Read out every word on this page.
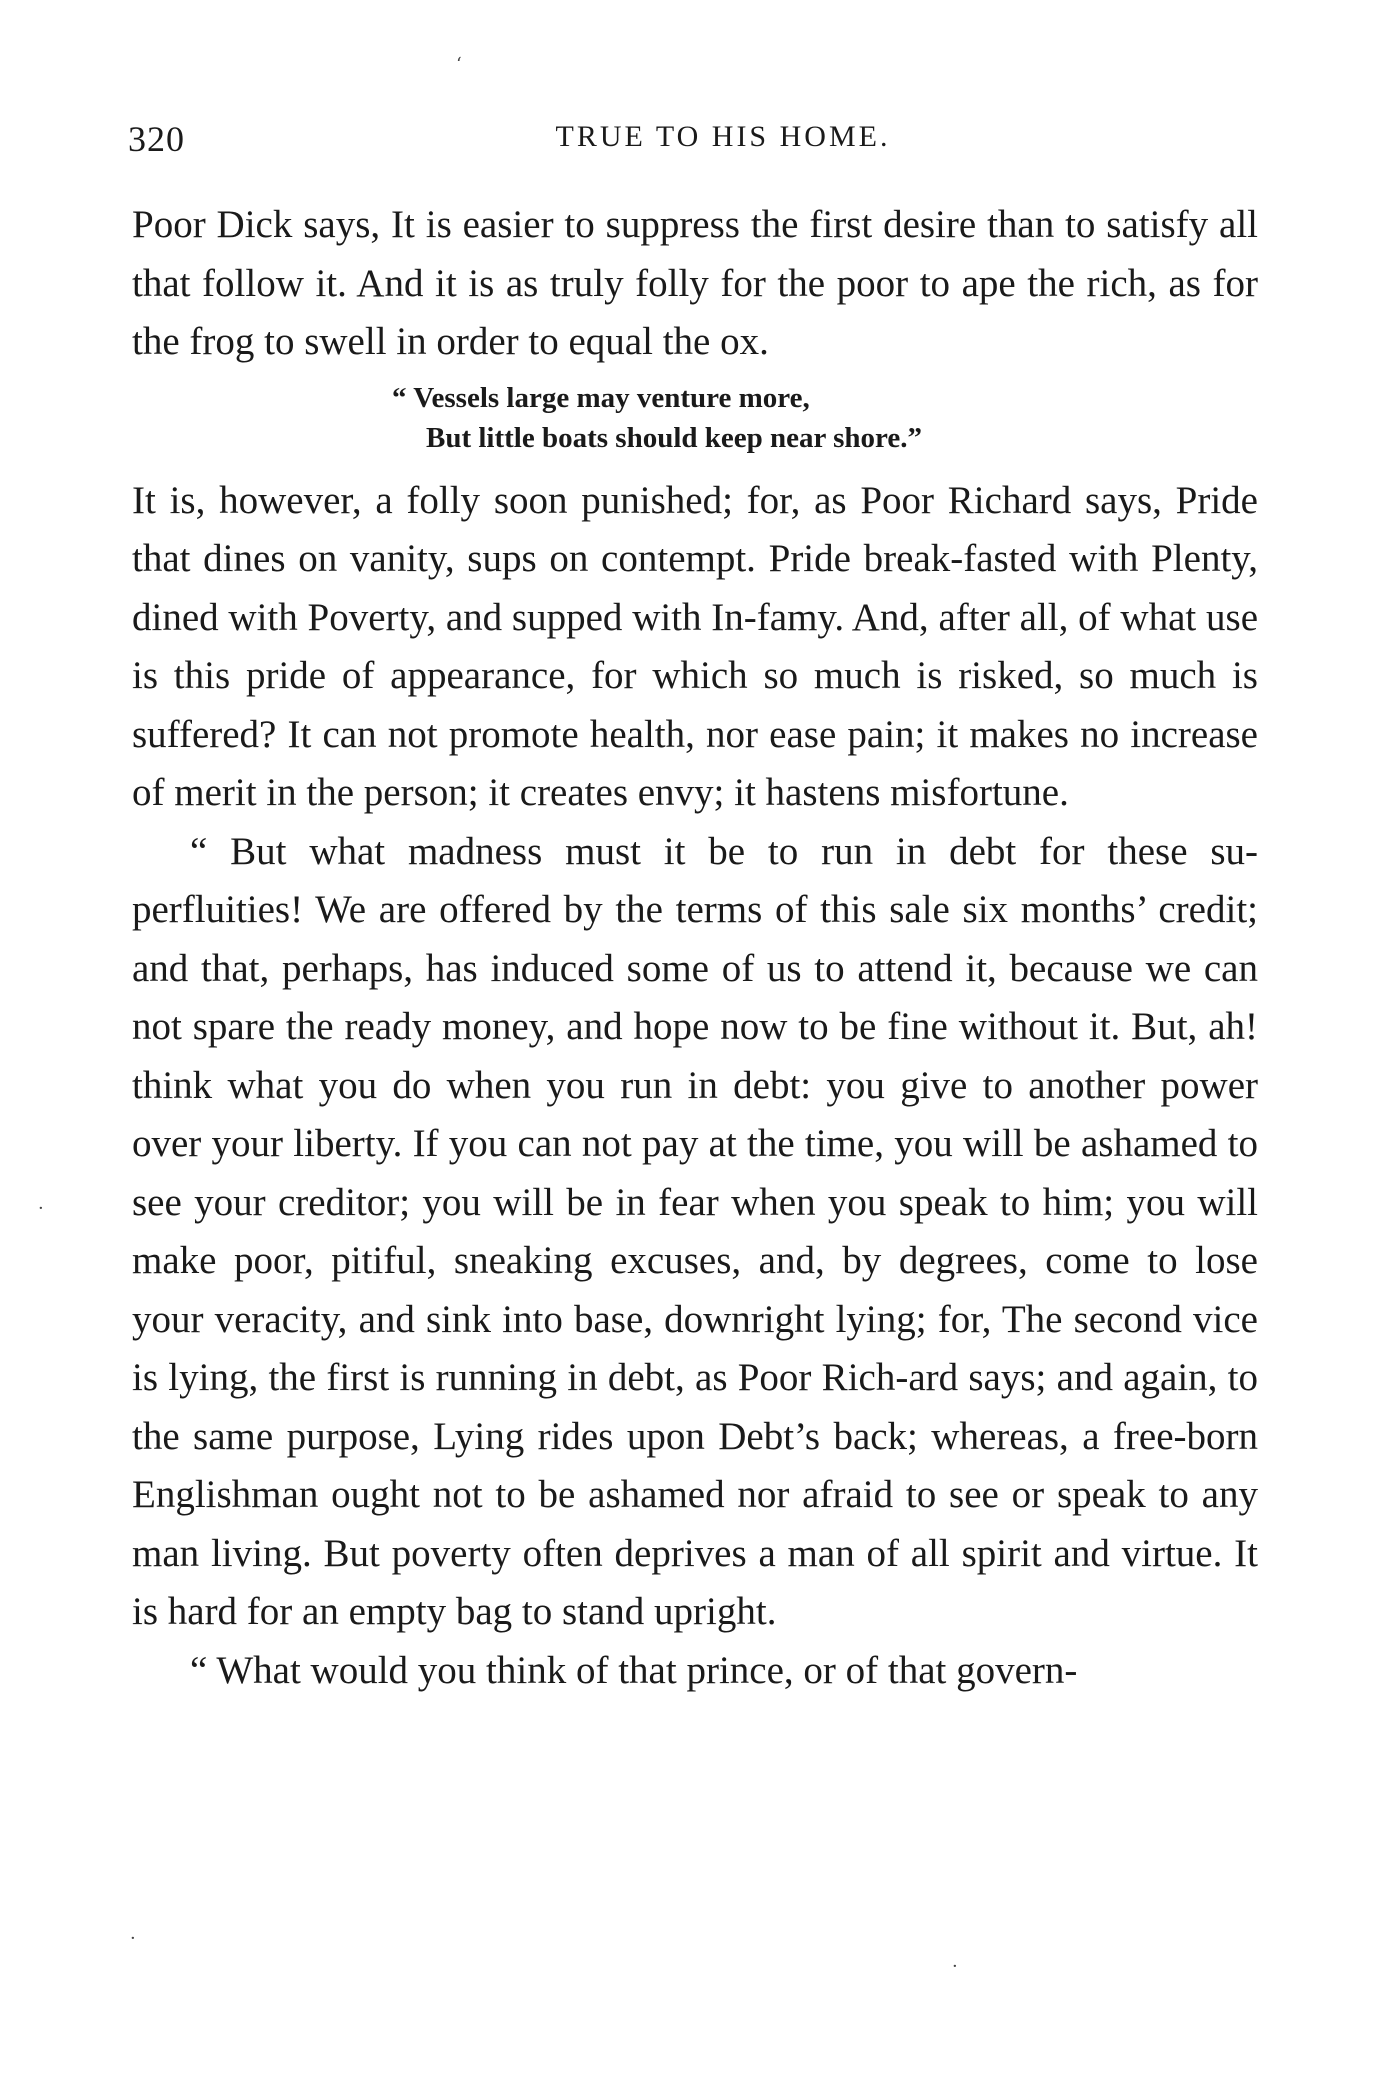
320	TRUE TO HIS HOME.

Poor Dick says, It is easier to suppress the first desire than to satisfy all that follow it. And it is as truly folly for the poor to ape the rich, as for the frog to swell in order to equal the ox.

“ Vessels large may venture more,
But little boats should keep near shore.”

It is, however, a folly soon punished; for, as Poor Richard says, Pride that dines on vanity, sups on contempt. Pride break-fasted with Plenty, dined with Poverty, and supped with In-famy. And, after all, of what use is this pride of appearance, for which so much is risked, so much is suffered? It can not promote health, nor ease pain; it makes no increase of merit in the person; it creates envy; it hastens misfortune.

“ But what madness must it be to run in debt for these su-perfluities! We are offered by the terms of this sale six months’ credit; and that, perhaps, has induced some of us to attend it, because we can not spare the ready money, and hope now to be fine without it. But, ah! think what you do when you run in debt: you give to another power over your liberty. If you can not pay at the time, you will be ashamed to see your creditor; you will be in fear when you speak to him; you will make poor, pitiful, sneaking excuses, and, by degrees, come to lose your veracity, and sink into base, downright lying; for, The second vice is lying, the first is running in debt, as Poor Rich-ard says; and again, to the same purpose, Lying rides upon Debt’s back; whereas, a free-born Englishman ought not to be ashamed nor afraid to see or speak to any man living. But poverty often deprives a man of all spirit and virtue. It is hard for an empty bag to stand upright.

“ What would you think of that prince, or of that govern-

‘
·
·
·
